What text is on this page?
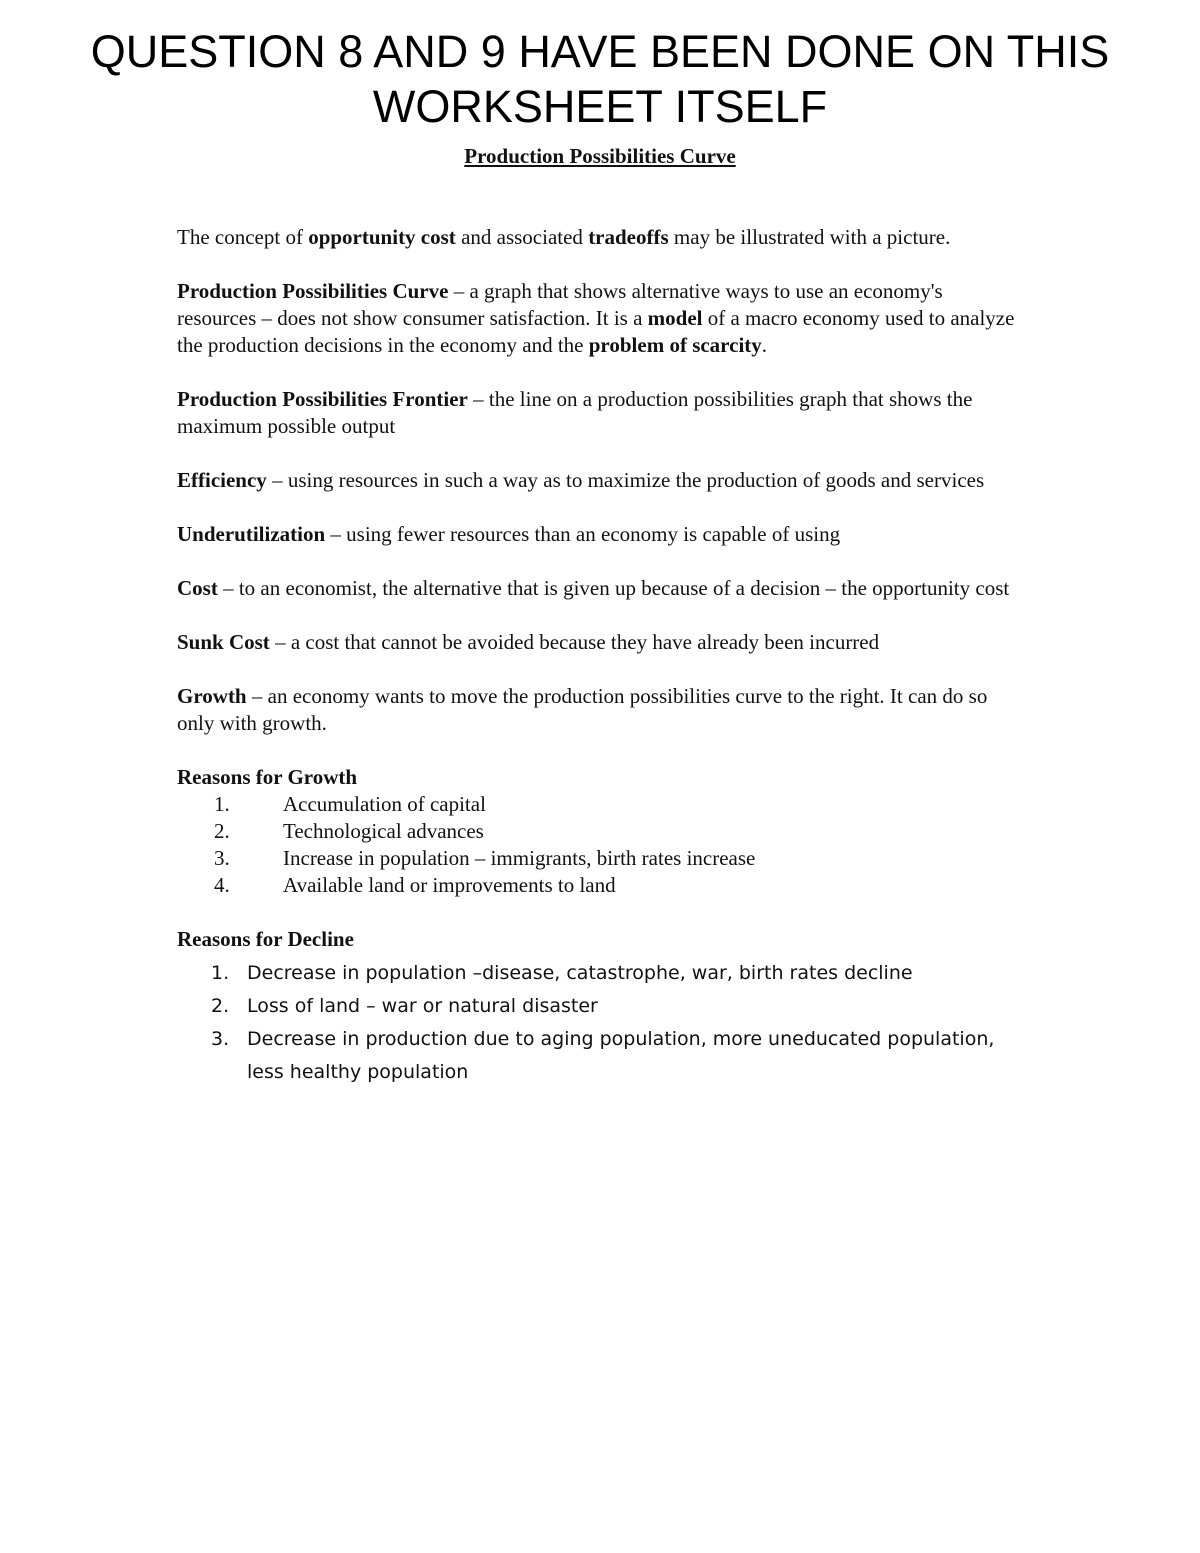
QUESTION 8 AND 9 HAVE BEEN DONE ON THIS WORKSHEET ITSELF
Production Possibilities Curve

The concept of opportunity cost and associated tradeoffs may be illustrated with a picture.

Production Possibilities Curve – a graph that shows alternative ways to use an economy's resources – does not show consumer satisfaction. It is a model of a macro economy used to analyze the production decisions in the economy and the problem of scarcity.

Production Possibilities Frontier – the line on a production possibilities graph that shows the maximum possible output

Efficiency – using resources in such a way as to maximize the production of goods and services

Underutilization – using fewer resources than an economy is capable of using

Cost – to an economist, the alternative that is given up because of a decision – the opportunity cost

Sunk Cost – a cost that cannot be avoided because they have already been incurred

Growth – an economy wants to move the production possibilities curve to the right. It can do so only with growth.

Reasons for Growth
1.	Accumulation of capital
2.	Technological advances
3.	Increase in population – immigrants, birth rates increase
4.	Available land or improvements to land
Reasons for Decline
1. Decrease in population –disease, catastrophe, war, birth rates decline
2. Loss of land – war or natural disaster
3. Decrease in production due to aging population, more uneducated population, less healthy population
